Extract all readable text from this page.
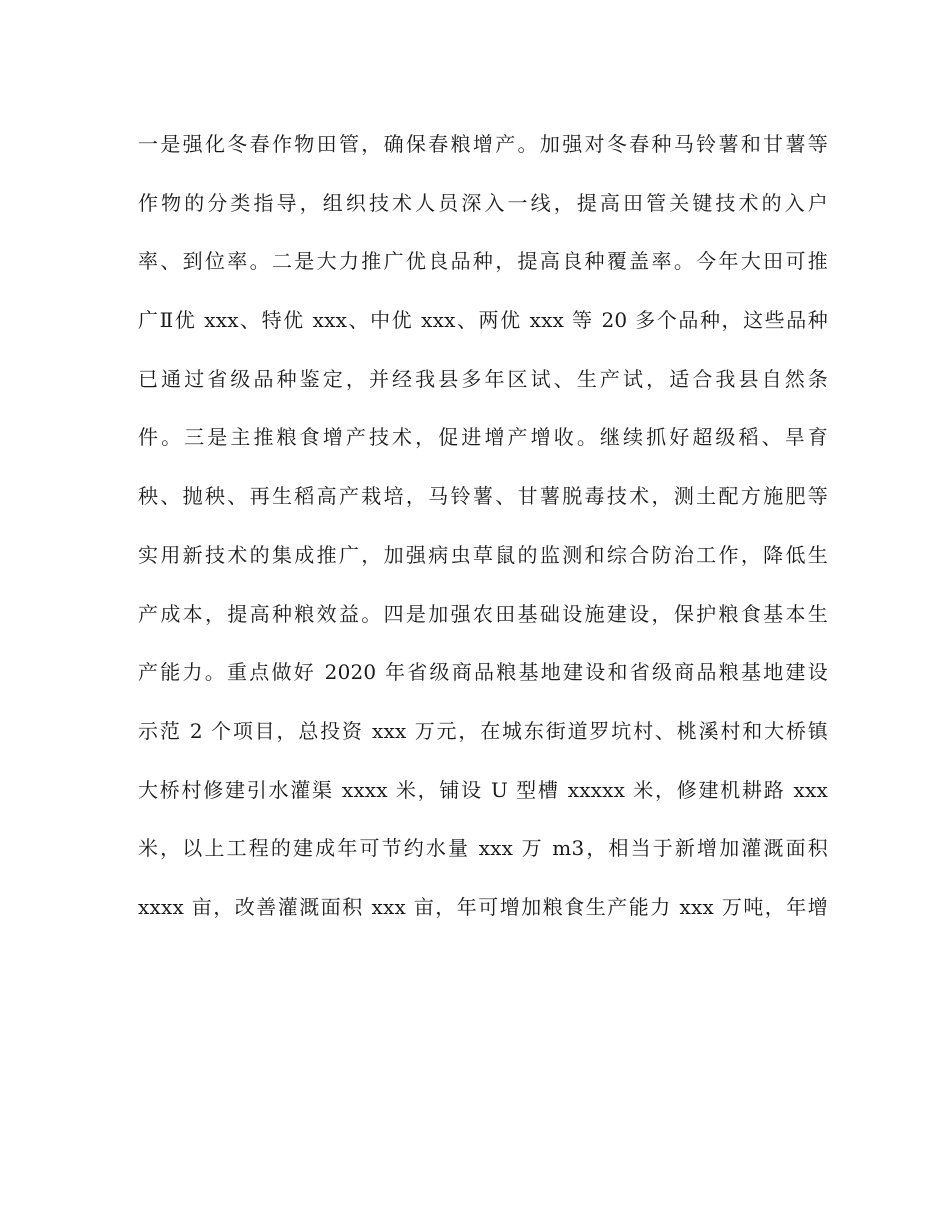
一是强化冬春作物田管，确保春粮增产。加强对冬春种马铃薯和甘薯等
作物的分类指导，组织技术人员深入一线，提高田管关键技术的入户
率、到位率。二是大力推广优良品种，提高良种覆盖率。今年大田可推
广Ⅱ优 xxx、特优 xxx、中优 xxx、两优 xxx 等 20 多个品种，这些品种
已通过省级品种鉴定，并经我县多年区试、生产试，适合我县自然条
件。三是主推粮食增产技术，促进增产增收。继续抓好超级稻、旱育
秧、抛秧、再生稻高产栽培，马铃薯、甘薯脱毒技术，测土配方施肥等
实用新技术的集成推广，加强病虫草鼠的监测和综合防治工作，降低生
产成本，提高种粮效益。四是加强农田基础设施建设，保护粮食基本生
产能力。重点做好 2020 年省级商品粮基地建设和省级商品粮基地建设
示范 2 个项目，总投资 xxx 万元，在城东街道罗坑村、桃溪村和大桥镇
大桥村修建引水灌渠 xxxx 米，铺设 U 型槽 xxxxx 米，修建机耕路 xxx
米，以上工程的建成年可节约水量 xxx 万 m3，相当于新增加灌溉面积
xxxx 亩，改善灌溉面积 xxx 亩，年可增加粮食生产能力 xxx 万吨，年增
